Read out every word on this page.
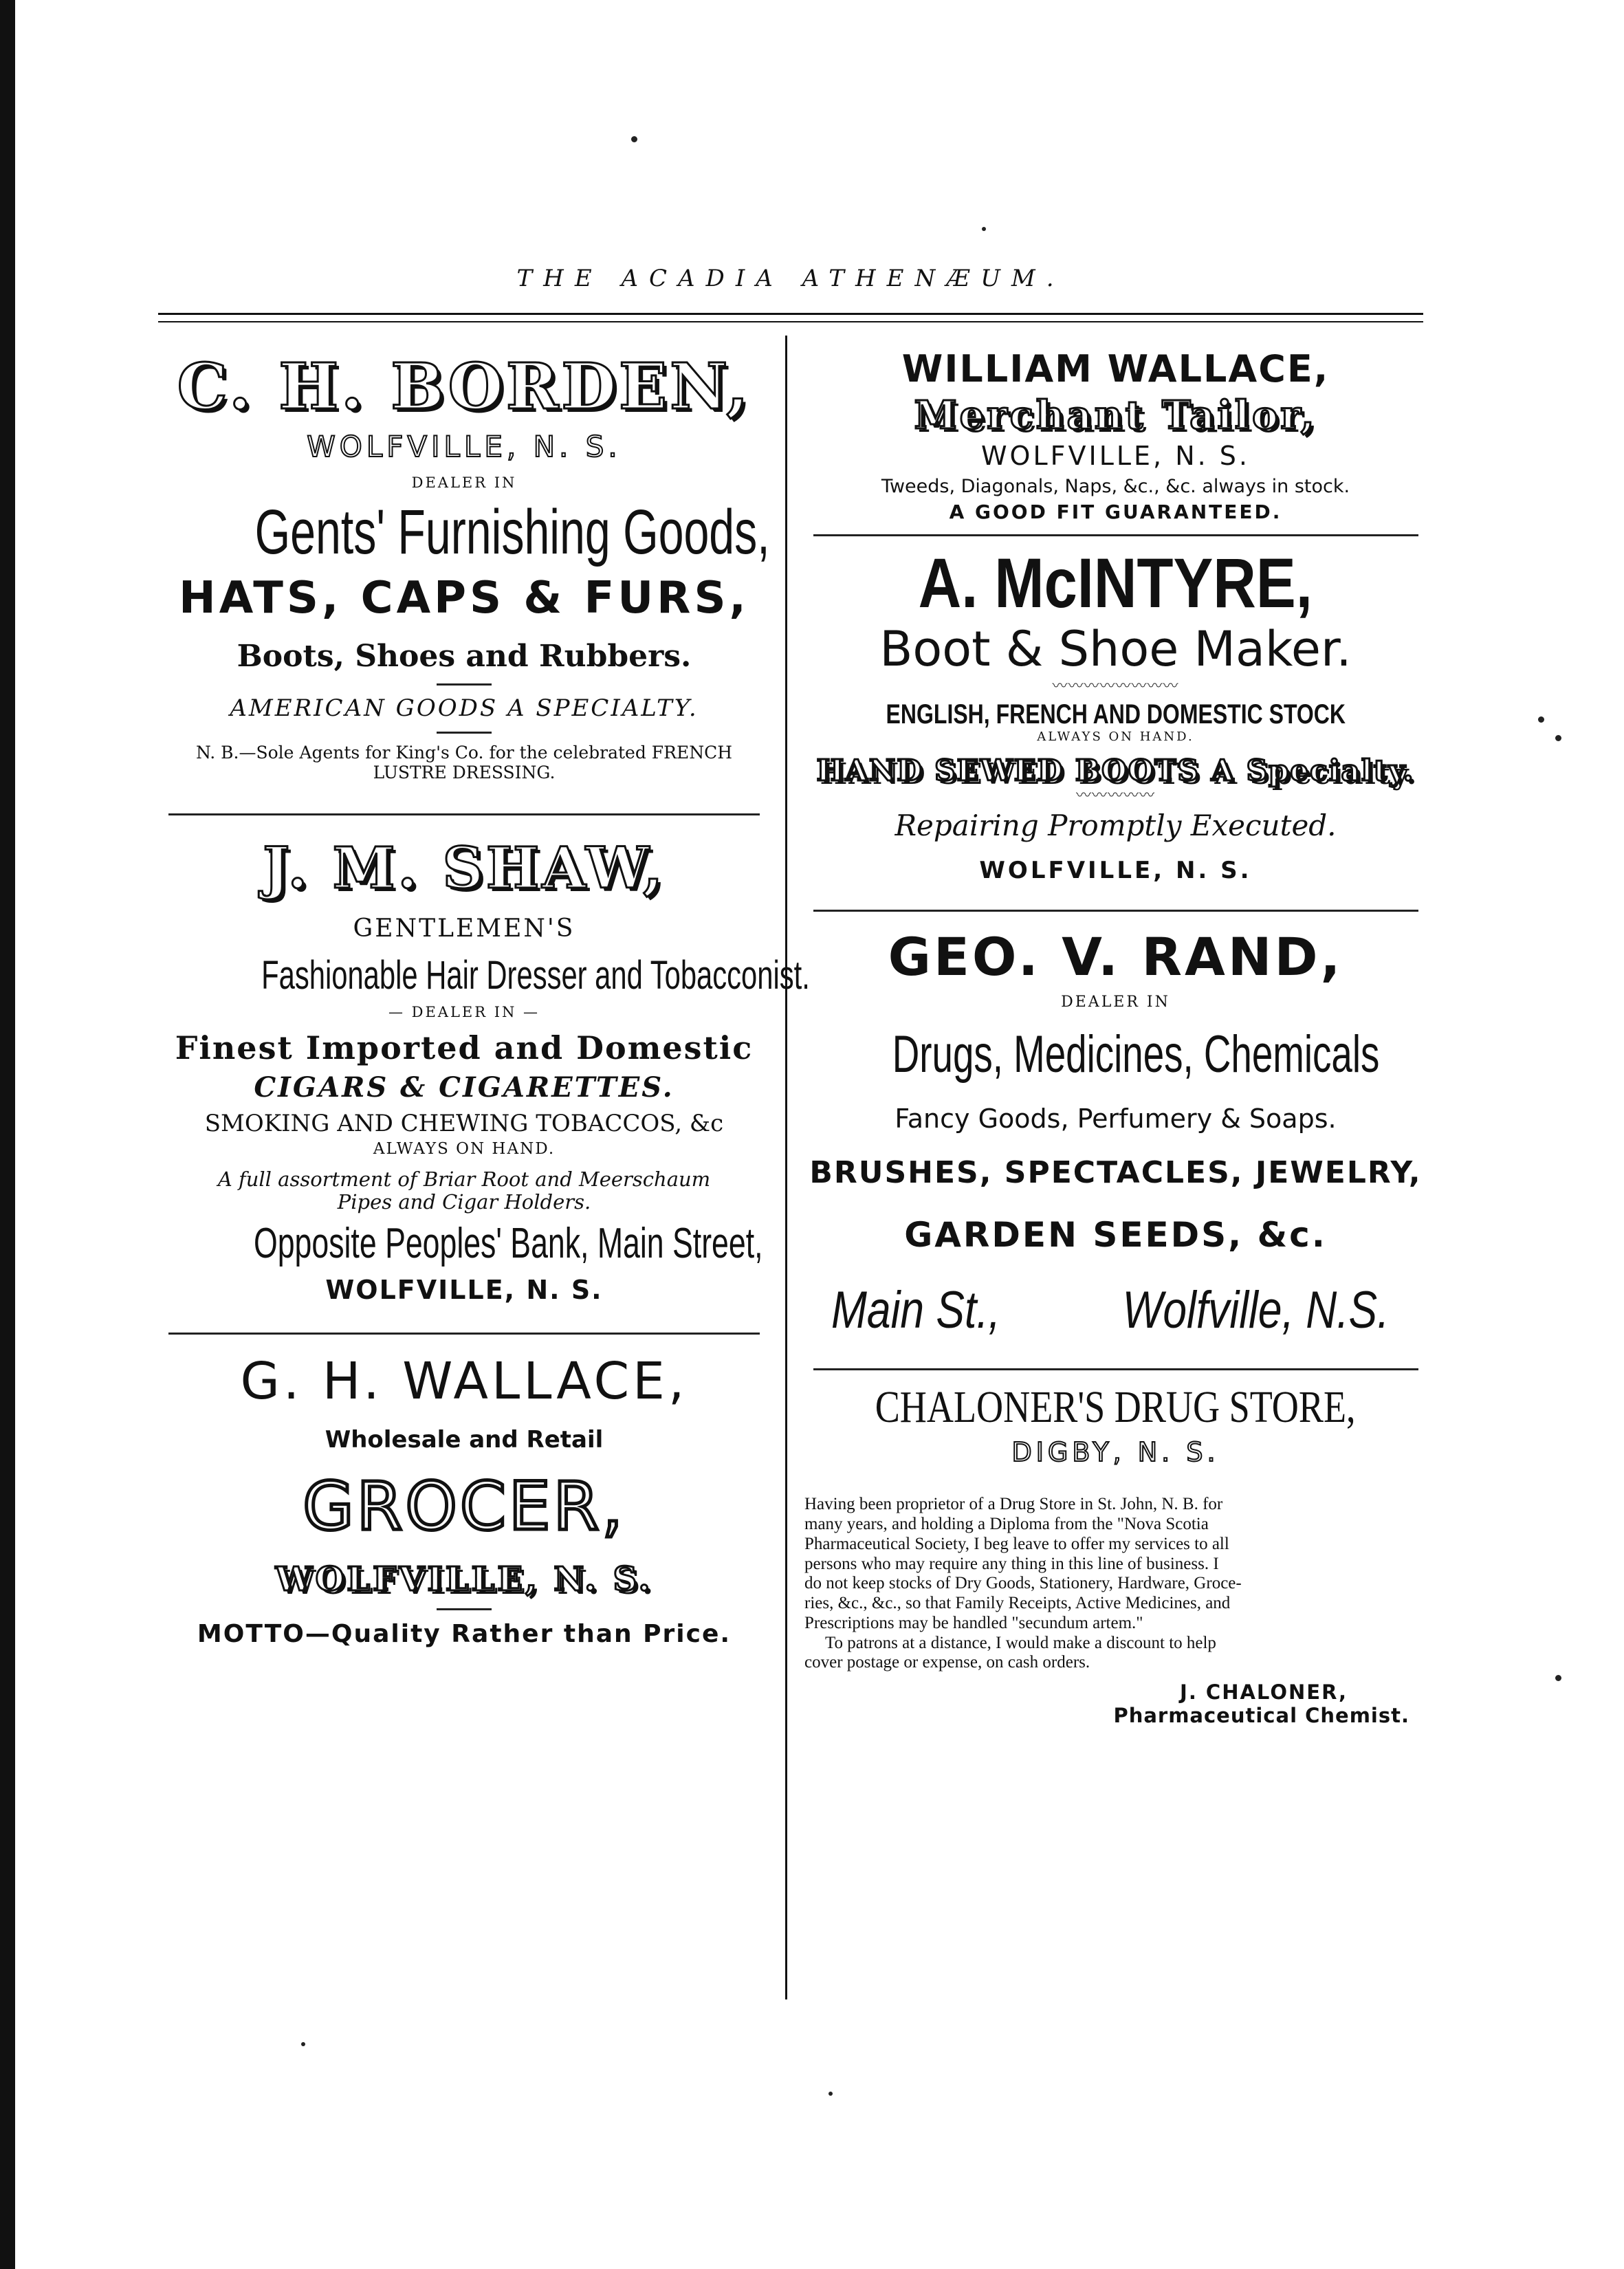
THE ACADIA ATHENÆUM.
C. H. BORDEN,
WOLFVILLE, N. S.
DEALER IN
Gents' Furnishing Goods,
HATS, CAPS & FURS,
Boots, Shoes and Rubbers.
AMERICAN GOODS A SPECIALTY.
N. B.—Sole Agents for King's Co. for the celebrated FRENCH
LUSTRE DRESSING.
J. M. SHAW,
GENTLEMEN'S
Fashionable Hair Dresser and Tobacconist.
— DEALER IN —
Finest Imported and Domestic
CIGARS & CIGARETTES.
SMOKING AND CHEWING TOBACCOS, &c
ALWAYS ON HAND.
A full assortment of Briar Root and Meerschaum
Pipes and Cigar Holders.
Opposite Peoples' Bank, Main Street,
WOLFVILLE, N. S.
G. H. WALLACE,
Wholesale and Retail
GROCER,
WOLFVILLE, N. S.
MOTTO—Quality Rather than Price.
WILLIAM WALLACE,
Merchant Tailor,
WOLFVILLE, N. S.
Tweeds, Diagonals, Naps, &c., &c. always in stock.
A GOOD FIT GUARANTEED.
A. McINTYRE,
Boot & Shoe Maker.
〰〰〰〰〰〰〰〰
ENGLISH, FRENCH AND DOMESTIC STOCK
ALWAYS ON HAND.
HAND SEWED BOOTS A Specialty.
〰〰〰〰〰
Repairing Promptly Executed.
WOLFVILLE, N. S.
GEO. V. RAND,
DEALER IN
Drugs, Medicines, Chemicals
Fancy Goods, Perfumery & Soaps.
BRUSHES, SPECTACLES, JEWELRY,
GARDEN SEEDS, &c.
Main St., Wolfville, N.S.
CHALONER'S DRUG STORE,
DIGBY, N. S.
Having been proprietor of a Drug Store in St. John, N. B. for
many years, and holding a Diploma from the "Nova Scotia
Pharmaceutical Society, I beg leave to offer my services to all
persons who may require any thing in this line of business. I
do not keep stocks of Dry Goods, Stationery, Hardware, Groce-
ries, &c., &c., so that Family Receipts, Active Medicines, and
Prescriptions may be handled "secundum artem."
To patrons at a distance, I would make a discount to help
cover postage or expense, on cash orders.
J. CHALONER,
Pharmaceutical Chemist.
